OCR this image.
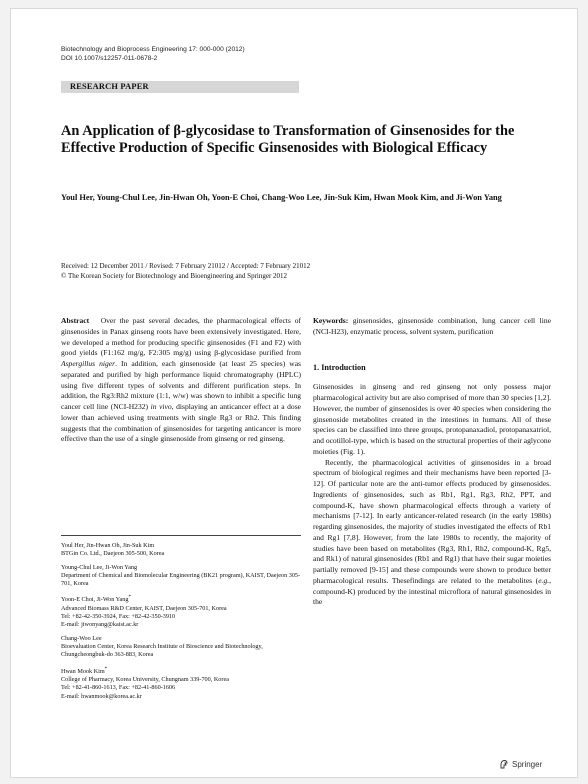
Biotechnology and Bioprocess Engineering 17: 000-000 (2012)
DOI 10.1007/s12257-011-0678-2
RESEARCH PAPER
An Application of β-glycosidase to Transformation of Ginsenosides for the Effective Production of Specific Ginsenosides with Biological Efficacy
Youl Her, Young-Chul Lee, Jin-Hwan Oh, Yoon-E Choi, Chang-Woo Lee, Jin-Suk Kim, Hwan Mook Kim, and Ji-Won Yang
Received: 12 December 2011 / Revised: 7 February 21012 / Accepted: 7 February 21012
© The Korean Society for Biotechnology and Bioengineering and Springer 2012
Abstract Over the past several decades, the pharmacological effects of ginsenosides in Panax ginseng roots have been extensively investigated. Here, we developed a method for producing specific ginsenosides (F1 and F2) with good yields (F1:162 mg/g, F2:305 mg/g) using β-glycosidase purified from Aspergillus niger. In addition, each ginsenoside (at least 25 species) was separated and purified by high performance liquid chromatography (HPLC) using five different types of solvents and different purification steps. In addition, the Rg3:Rh2 mixture (1:1, w/w) was shown to inhibit a specific lung cancer cell line (NCI-H232) in vivo, displaying an anticancer effect at a dose lower than achieved using treatments with single Rg3 or Rh2. This finding suggests that the combination of ginsenosides for targeting anticancer is more effective than the use of a single ginsenoside from ginseng or red ginseng.
Youl Her, Jin-Hwan Oh, Jin-Suk Kim
BTGin Co. Ltd., Daejeon 305-500, Korea
Young-Chul Lee, Ji-Won Yang
Department of Chemical and Biomolecular Engineering (BK21 program), KAIST, Daejeon 305-701, Korea
Yoon-E Choi, Ji-Won Yang*
Advanced Biomass R&D Center, KAIST, Daejeon 305-701, Korea
Tel: +82-42-350-3924, Fax: +82-42-350-3910
E-mail: jiwonyang@kaist.ac.kr
Chang-Woo Lee
Bioevaluation Center, Korea Research Institute of Bioscience and Biotechnology, Chungcheongbuk-do 363-883, Korea
Hwan Mook Kim*
College of Pharmacy, Korea University, Chungnam 339-700, Korea
Tel: +82-41-860-1613, Fax: +82-41-860-1606
E-mail: hwanmook@korea.ac.kr
Keywords: ginsenosides, ginsenoside combination, lung cancer cell line (NCI-H23), enzymatic process, solvent system, purification
1. Introduction
Ginsenosides in ginseng and red ginseng not only possess major pharmacological activity but are also comprised of more than 30 species [1,2]. However, the number of ginsenosides is over 40 species when considering the ginsenoside metabolites created in the intestines in humans. All of these species can be classified into three groups, protopanaxadiol, protopanaxatriol, and ocotillol-type, which is based on the structural properties of their aglycone moieties (Fig. 1).
Recently, the pharmacological activities of ginsenosides in a broad spectrum of biological regimes and their mechanisms have been reported [3-12]. Of particular note are the anti-tumor effects produced by ginsenosides. Ingredients of ginsenosides, such as Rb1, Rg1, Rg3, Rh2, PPT, and compound-K, have shown pharmacological effects through a variety of mechanisms [7-12]. In early anticancer-related research (in the early 1980s) regarding ginsenosides, the majority of studies investigated the effects of Rb1 and Rg1 [7,8]. However, from the late 1980s to recently, the majority of studies have been based on metabolites (Rg3, Rh1, Rh2, compound-K, Rg5, and Rk1) of natural ginsenosides (Rb1 and Rg1) that have their sugar moieties partially removed [9-15] and these compounds were shown to produce better pharmacological results. Thesefindings are related to the metabolites (e.g., compound-K) produced by the intestinal microflora of natural ginsenosides in the
Springer
